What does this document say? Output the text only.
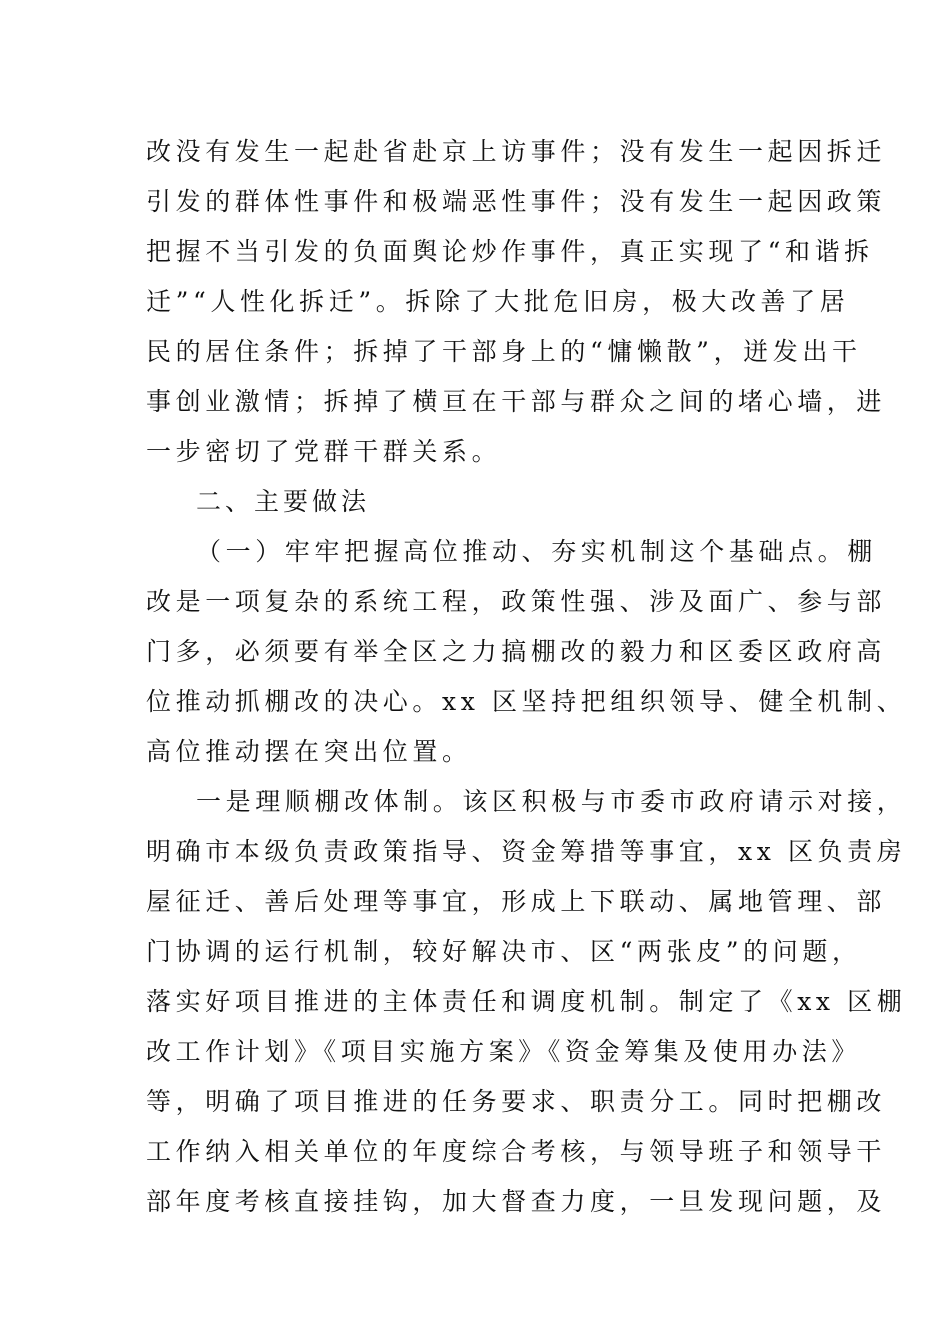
改没有发生一起赴省赴京上访事件；没有发生一起因拆迁
引发的群体性事件和极端恶性事件；没有发生一起因政策
把握不当引发的负面舆论炒作事件，真正实现了“和谐拆
迁”“人性化拆迁”。拆除了大批危旧房，极大改善了居
民的居住条件；拆掉了干部身上的“慵懒散”，迸发出干
事创业激情；拆掉了横亘在干部与群众之间的堵心墙，进
一步密切了党群干群关系。
二、主要做法
（一）牢牢把握高位推动、夯实机制这个基础点。棚
改是一项复杂的系统工程，政策性强、涉及面广、参与部
门多，必须要有举全区之力搞棚改的毅力和区委区政府高
位推动抓棚改的决心。xx 区坚持把组织领导、健全机制、
高位推动摆在突出位置。
一是理顺棚改体制。该区积极与市委市政府请示对接，
明确市本级负责政策指导、资金筹措等事宜，xx 区负责房
屋征迁、善后处理等事宜，形成上下联动、属地管理、部
门协调的运行机制，较好解决市、区“两张皮”的问题，
落实好项目推进的主体责任和调度机制。制定了《xx 区棚
改工作计划》《项目实施方案》《资金筹集及使用办法》
等，明确了项目推进的任务要求、职责分工。同时把棚改
工作纳入相关单位的年度综合考核，与领导班子和领导干
部年度考核直接挂钩，加大督查力度，一旦发现问题，及
